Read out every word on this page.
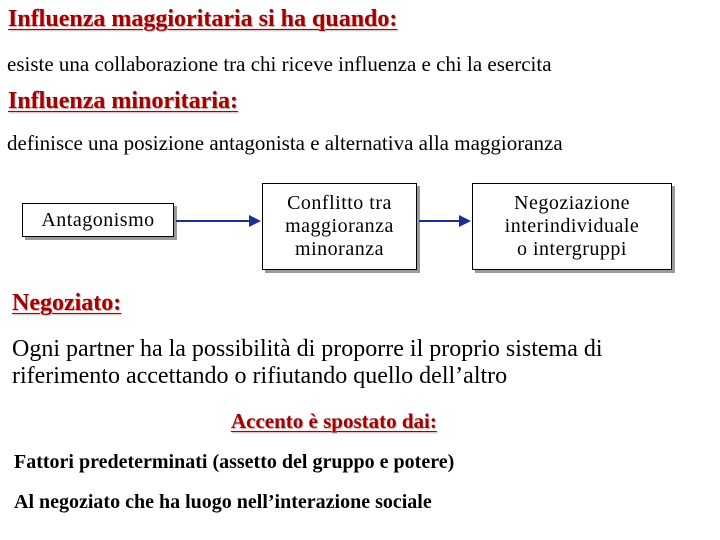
Influenza maggioritaria si ha quando:
esiste una collaborazione tra chi riceve influenza e chi la esercita
Influenza minoritaria:
definisce una posizione antagonista e alternativa alla maggioranza
Antagonismo
Conflitto tra
maggioranza
minoranza
Negoziazione
interindividuale
o intergruppi
Negoziato:
Ogni partner ha la possibilità di proporre il proprio sistema di
riferimento accettando o rifiutando quello dell’altro
Accento è spostato dai:
Fattori predeterminati (assetto del gruppo e potere)
Al negoziato che ha luogo nell’interazione sociale
